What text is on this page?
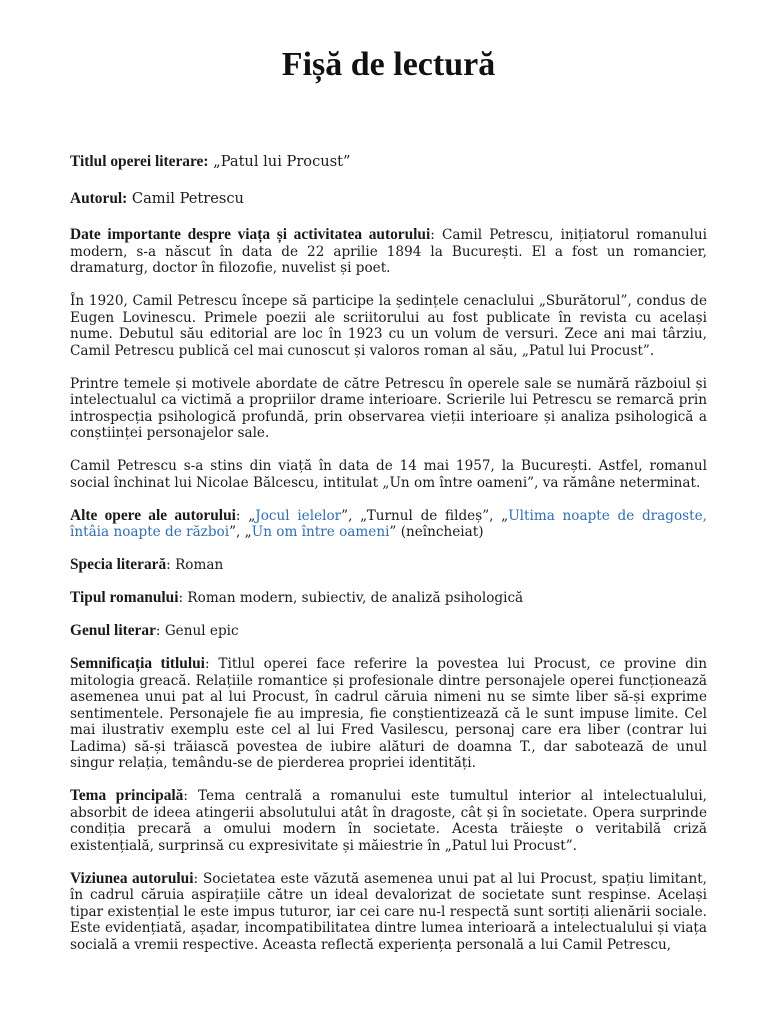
Fișă de lectură

Titlul operei literare: „Patul lui Procust”

Autorul: Camil Petrescu

Date importante despre viața și activitatea autorului: Camil Petrescu, inițiatorul romanului modern, s-a născut în data de 22 aprilie 1894 la București. El a fost un romancier, dramaturg, doctor în filozofie, nuvelist și poet.

În 1920, Camil Petrescu începe să participe la ședințele cenaclului „Sburătorul”, condus de Eugen Lovinescu. Primele poezii ale scriitorului au fost publicate în revista cu același nume. Debutul său editorial are loc în 1923 cu un volum de versuri. Zece ani mai târziu, Camil Petrescu publică cel mai cunoscut și valoros roman al său, „Patul lui Procust”.

Printre temele și motivele abordate de către Petrescu în operele sale se numără războiul și intelectualul ca victimă a propriilor drame interioare. Scrierile lui Petrescu se remarcă prin introspecția psihologică profundă, prin observarea vieții interioare și analiza psihologică a conștiinței personajelor sale.

Camil Petrescu s-a stins din viață în data de 14 mai 1957, la București. Astfel, romanul social închinat lui Nicolae Bălcescu, intitulat „Un om între oameni”, va rămâne neterminat.

Alte opere ale autorului: „Jocul ielelor”, „Turnul de fildeș”, „Ultima noapte de dragoste, întâia noapte de război”, „Un om între oameni” (neîncheiat)

Specia literară: Roman

Tipul romanului: Roman modern, subiectiv, de analiză psihologică

Genul literar: Genul epic

Semnificația titlului: Titlul operei face referire la povestea lui Procust, ce provine din mitologia greacă. Relațiile romantice și profesionale dintre personajele operei funcționează asemenea unui pat al lui Procust, în cadrul căruia nimeni nu se simte liber să-și exprime sentimentele. Personajele fie au impresia, fie conștientizează că le sunt impuse limite. Cel mai ilustrativ exemplu este cel al lui Fred Vasilescu, personaj care era liber (contrar lui Ladima) să-și trăiască povestea de iubire alături de doamna T., dar sabotează de unul singur relația, temându-se de pierderea propriei identități.

Tema principală: Tema centrală a romanului este tumultul interior al intelectualului, absorbit de ideea atingerii absolutului atât în dragoste, cât și în societate. Opera surprinde condiția precară a omului modern în societate. Acesta trăiește o veritabilă criză existențială, surprinsă cu expresivitate și măiestrie în „Patul lui Procust”.

Viziunea autorului: Societatea este văzută asemenea unui pat al lui Procust, spațiu limitant, în cadrul căruia aspirațiile către un ideal devalorizat de societate sunt respinse. Același tipar existențial le este impus tuturor, iar cei care nu-l respectă sunt sortiți alienării sociale. Este evidențiată, așadar, incompatibilitatea dintre lumea interioară a intelectualului și viața socială a vremii respective. Aceasta reflectă experiența personală a lui Camil Petrescu,
